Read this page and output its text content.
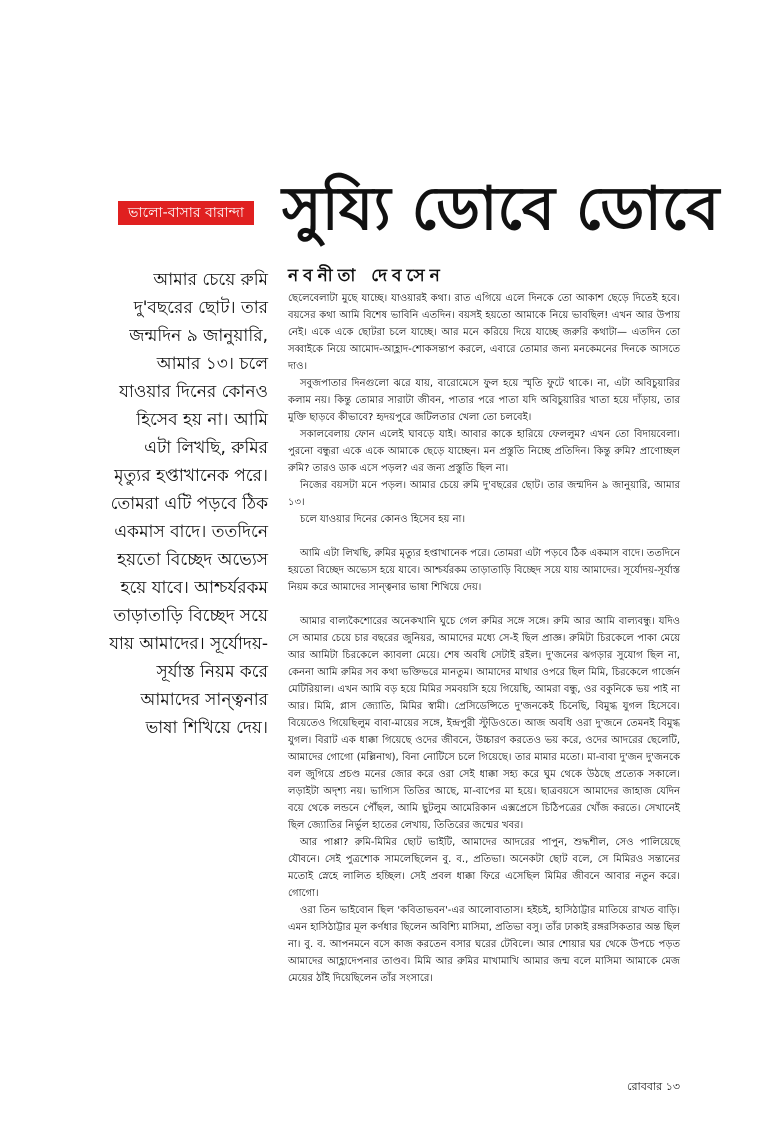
ভালো-বাসার বারান্দা সুয্যি ডোবে ডোবে

আমার চেয়ে রুমি দু'বছরের ছোট। তার জন্মদিন ৯ জানুয়ারি, আমার ১৩। চলে যাওয়ার দিনের কোনও হিসেব হয় না। আমি এটা লিখছি, রুমির মৃত্যুর হপ্তাখানেক পরে। তোমরা এটি পড়বে ঠিক একমাস বাদে। ততদিনে হয়তো বিচ্ছেদ অভ্যেস হয়ে যাবে। আশ্চর্যরকম তাড়াতাড়ি বিচ্ছেদ সয়ে যায় আমাদের। সূর্যোদয়-সূর্যাস্ত নিয়ম করে আমাদের সান্ত্বনার ভাষা শিখিয়ে দেয়।

নবনীতা দেবসেন

ছেলেবেলাটা মুছে যাচ্ছে। যাওয়ারই কথা। রাত এগিয়ে এলে দিনকে তো আকাশ ছেড়ে দিতেই হবে। বয়সের কথা আমি বিশেষ ভাবিনি এতদিন। বয়সই হয়তো আমাকে নিয়ে ভাবছিল! এখন আর উপায় নেই। একে একে ছোটরা চলে যাচ্ছে। আর মনে করিয়ে দিয়ে যাচ্ছে জরুরি কথাটা— এতদিন তো সব্বাইকে নিয়ে আমোদ-আহ্লাদ-শোকসন্তাপ করলে, এবারে তোমার জন্য মনকেমনের দিনকে আসতে দাও।

সবুজপাতার দিনগুলো ঝরে যায়, বারোমেসে ফুল হয়ে স্মৃতি ফুটে থাকে। না, এটা অবিচুয়ারির কলাম নয়। কিন্তু তোমার সারাটা জীবন, পাতার পরে পাতা যদি অবিচুয়ারির খাতা হয়ে দাঁড়ায়, তার মুক্তি ছাড়বে কীভাবে? হৃদয়পুরে জটিলতার খেলা তো চলবেই।

সকালবেলায় ফোন এলেই ঘাবড়ে যাই। আবার কাকে হারিয়ে ফেললুম? এখন তো বিদায়বেলা। পুরনো বন্ধুরা একে একে আমাকে ছেড়ে যাচ্ছেন। মন প্রস্তুতি নিচ্ছে প্রতিদিন। কিন্তু রুমি? প্রাণোচ্ছল রুমি? তারও ডাক এসে পড়ল? এর জন্য প্রস্তুতি ছিল না।

নিজের বয়সটা মনে পড়ল। আমার চেয়ে রুমি দু'বছরের ছোট। তার জন্মদিন ৯ জানুয়ারি, আমার ১৩।

চলে যাওয়ার দিনের কোনও হিসেব হয় না।

আমি এটা লিখছি, রুমির মৃত্যুর হপ্তাখানেক পরে। তোমরা এটা পড়বে ঠিক একমাস বাদে। ততদিনে হয়তো বিচ্ছেদ অভ্যেস হয়ে যাবে। আশ্চর্যরকম তাড়াতাড়ি বিচ্ছেদ সয়ে যায় আমাদের। সূর্যোদয়-সূর্যাস্ত নিয়ম করে আমাদের সান্ত্বনার ভাষা শিখিয়ে দেয়।

আমার বাল্যকৈশোরের অনেকখানি ঘুচে গেল রুমির সঙ্গে সঙ্গে। রুমি আর আমি বাল্যবন্ধু। যদিও সে আমার চেয়ে চার বছরের জুনিয়র, আমাদের মধ্যে সে-ই ছিল প্রাজ্ঞ। রুমিটা চিরকেলে পাকা মেয়ে আর আমিটা চিরকেলে ক্যাবলা মেয়ে। শেষ অবধি সেটাই রইল। দু'জনের ঝগড়ার সুযোগ ছিল না, কেননা আমি রুমির সব কথা ভক্তিভরে মানতুম। আমাদের মাথার ওপরে ছিল মিমি, চিরকেলে গার্জেন মেটিরিয়াল। এখন আমি বড় হয়ে মিমির সমবয়সি হয়ে গিয়েছি, আমরা বন্ধু, ওর বকুনিকে ভয় পাই না আর। মিমি, প্লাস জ্যোতি, মিমির স্বামী। প্রেসিডেন্সিতে দু'জনকেই চিনেছি, বিমুগ্ধ যুগল হিসেবে। বিয়েতেও গিয়েছিলুম বাবা-মায়ের সঙ্গে, ইন্দ্রপুরী স্টুডিওতে। আজ অবধি ওরা দু'জনে তেমনই বিমুগ্ধ যুগল। বিরাট এক ধাক্কা গিয়েছে ওদের জীবনে, উচ্চারণ করতেও ভয় করে, ওদের আদরের ছেলেটি, আমাদের গোগো (মল্লিনাথ), বিনা নোটিসে চলে গিয়েছে। তার মামার মতো। মা-বাবা দু'জন দু'জনকে বল জুগিয়ে প্রচণ্ড মনের জোর করে ওরা সেই ধাক্কা সহ্য করে ঘুম থেকে উঠছে প্রত্যেক সকালে। লড়াইটা অদৃশ্য নয়। ভাগ্যিস তিতির আছে, মা-বাপের মা হয়ে। ছাত্রবয়সে আমাদের জাহাজ যেদিন বয়ে থেকে লন্ডনে পৌঁছল, আমি ছুটলুম আমেরিকান এক্সপ্রেসে চিঠিপত্রের খোঁজ করতে। সেখানেই ছিল জ্যোতির নির্ভুল হাতের লেখায়, তিতিরের জন্মের খবর।

আর পাপ্পা? রুমি-মিমির ছোট ভাইটি, আমাদের আদরের পাপুন, শুদ্ধশীল, সেও পালিয়েছে যৌবনে। সেই পুত্রশোক সামলেছিলেন বু. ব., প্রতিভা। অনেকটা ছোট বলে, সে মিমিরও সন্তানের মতোই স্নেহে লালিত হচ্ছিল। সেই প্রবল ধাক্কা ফিরে এসেছিল মিমির জীবনে আবার নতুন করে। গোগো।

ওরা তিন ভাইবোন ছিল 'কবিতাভবন'-এর আলোবাতাস। হইচই, হাসিঠাট্টার মাতিয়ে রাখত বাড়ি। এমন হাসিঠাট্টার মূল কর্ণধার ছিলেন অবিশ্যি মাসিমা, প্রতিভা বসু। তাঁর ঢাকাই রঙ্গরসিকতার অন্ত ছিল না। বু. ব. আপনমনে বসে কাজ করতেন বসার ঘরের টেবিলে। আর শোয়ার ঘর থেকে উপচে পড়ত আমাদের আহ্লাদেপনার তাণ্ডব। মিমি আর রুমির মাখামাখি আমার জন্ম বলে মাসিমা আমাকে মেজ মেয়ের ঠাঁই দিয়েছিলেন তাঁর সংসারে।

রোববার ১৩
